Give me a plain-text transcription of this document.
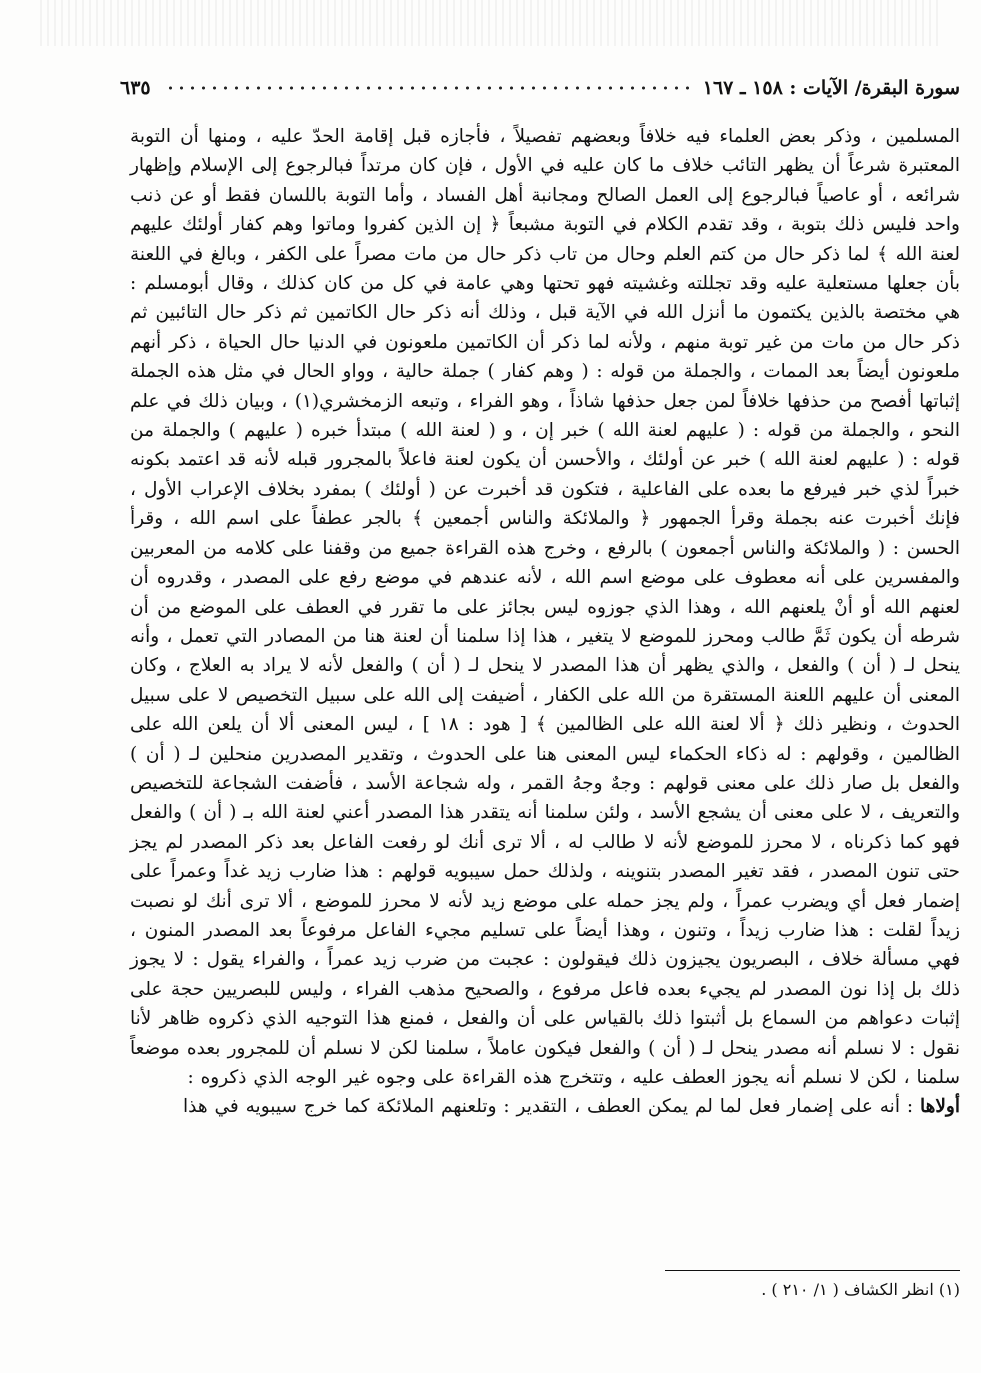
سورة البقرة/ الآيات : ١٥٨ ـ ١٦٧
٦٣٥

المسلمين ، وذكر بعض العلماء فيه خلافاً وبعضهم تفصيلاً ، فأجازه قبل إقامة الحدّ عليه ، ومنها أن التوبة المعتبرة شرعاً أن يظهر التائب خلاف ما كان عليه في الأول ، فإن كان مرتداً فبالرجوع إلى الإسلام وإظهار شرائعه ، أو عاصياً فبالرجوع إلى العمل الصالح ومجانبة أهل الفساد ، وأما التوبة باللسان فقط أو عن ذنب واحد فليس ذلك بتوبة ، وقد تقدم الكلام في التوبة مشبعاً ﴿ إن الذين كفروا وماتوا وهم كفار أولئك عليهم لعنة الله ﴾ لما ذكر حال من كتم العلم وحال من تاب ذكر حال من مات مصراً على الكفر ، وبالغ في اللعنة بأن جعلها مستعلية عليه وقد تجللته وغشيته فهو تحتها وهي عامة في كل من كان كذلك ، وقال أبومسلم : هي مختصة بالذين يكتمون ما أنزل الله في الآية قبل ، وذلك أنه ذكر حال الكاتمين ثم ذكر حال التائبين ثم ذكر حال من مات من غير توبة منهم ، ولأنه لما ذكر أن الكاتمين ملعونون في الدنيا حال الحياة ، ذكر أنهم ملعونون أيضاً بعد الممات ، والجملة من قوله : ( وهم كفار ) جملة حالية ، وواو الحال في مثل هذه الجملة إثباتها أفصح من حذفها خلافاً لمن جعل حذفها شاذاً ، وهو الفراء ، وتبعه الزمخشري(١) ، وبيان ذلك في علم النحو ، والجملة من قوله : ( عليهم لعنة الله ) خبر إن ، و ( لعنة الله ) مبتدأ خبره ( عليهم ) والجملة من قوله : ( عليهم لعنة الله ) خبر عن أولئك ، والأحسن أن يكون لعنة فاعلاً بالمجرور قبله لأنه قد اعتمد بكونه خبراً لذي خبر فيرفع ما بعده على الفاعلية ، فتكون قد أخبرت عن ( أولئك ) بمفرد بخلاف الإعراب الأول ، فإنك أخبرت عنه بجملة وقرأ الجمهور ﴿ والملائكة والناس أجمعين ﴾ بالجر عطفاً على اسم الله ، وقرأ الحسن : ( والملائكة والناس أجمعون ) بالرفع ، وخرج هذه القراءة جميع من وقفنا على كلامه من المعربين والمفسرين على أنه معطوف على موضع اسم الله ، لأنه عندهم في موضع رفع على المصدر ، وقدروه أن لعنهم الله أو أنْ يلعنهم الله ، وهذا الذي جوزوه ليس بجائز على ما تقرر في العطف على الموضع من أن شرطه أن يكون ثَمَّ طالب ومحرز للموضع لا يتغير ، هذا إذا سلمنا أن لعنة هنا من المصادر التي تعمل ، وأنه ينحل لـ ( أن ) والفعل ، والذي يظهر أن هذا المصدر لا ينحل لـ ( أن ) والفعل لأنه لا يراد به العلاج ، وكان المعنى أن عليهم اللعنة المستقرة من الله على الكفار ، أضيفت إلى الله على سبيل التخصيص لا على سبيل الحدوث ، ونظير ذلك ﴿ ألا لعنة الله على الظالمين ﴾ [ هود : ١٨ ] ، ليس المعنى ألا أن يلعن الله على الظالمين ، وقولهم : له ذكاء الحكماء ليس المعنى هنا على الحدوث ، وتقدير المصدرين منحلين لـ ( أن ) والفعل بل صار ذلك على معنى قولهم : وجهٌ وجهُ القمر ، وله شجاعة الأسد ، فأضفت الشجاعة للتخصيص والتعريف ، لا على معنى أن يشجع الأسد ، ولئن سلمنا أنه يتقدر هذا المصدر أعني لعنة الله بـ ( أن ) والفعل فهو كما ذكرناه ، لا محرز للموضع لأنه لا طالب له ، ألا ترى أنك لو رفعت الفاعل بعد ذكر المصدر لم يجز حتى تنون المصدر ، فقد تغير المصدر بتنوينه ، ولذلك حمل سيبويه قولهم : هذا ضارب زيد غداً وعمراً على إضمار فعل أي ويضرب عمراً ، ولم يجز حمله على موضع زيد لأنه لا محرز للموضع ، ألا ترى أنك لو نصبت زيداً لقلت : هذا ضارب زيداً ، وتنون ، وهذا أيضاً على تسليم مجيء الفاعل مرفوعاً بعد المصدر المنون ، فهي مسألة خلاف ، البصريون يجيزون ذلك فيقولون : عجبت من ضرب زيد عمراً ، والفراء يقول : لا يجوز ذلك بل إذا نون المصدر لم يجيء بعده فاعل مرفوع ، والصحيح مذهب الفراء ، وليس للبصريين حجة على إثبات دعواهم من السماع بل أثبتوا ذلك بالقياس على أن والفعل ، فمنع هذا التوجيه الذي ذكروه ظاهر لأنا نقول : لا نسلم أنه مصدر ينحل لـ ( أن ) والفعل فيكون عاملاً ، سلمنا لكن لا نسلم أن للمجرور بعده موضعاً سلمنا ، لكن لا نسلم أنه يجوز العطف عليه ، وتتخرج هذه القراءة على وجوه غير الوجه الذي ذكروه :

أولاها : أنه على إضمار فعل لما لم يمكن العطف ، التقدير : وتلعنهم الملائكة كما خرج سيبويه في هذا

(١) انظر الكشاف ( ١/ ٢١٠ ) .
